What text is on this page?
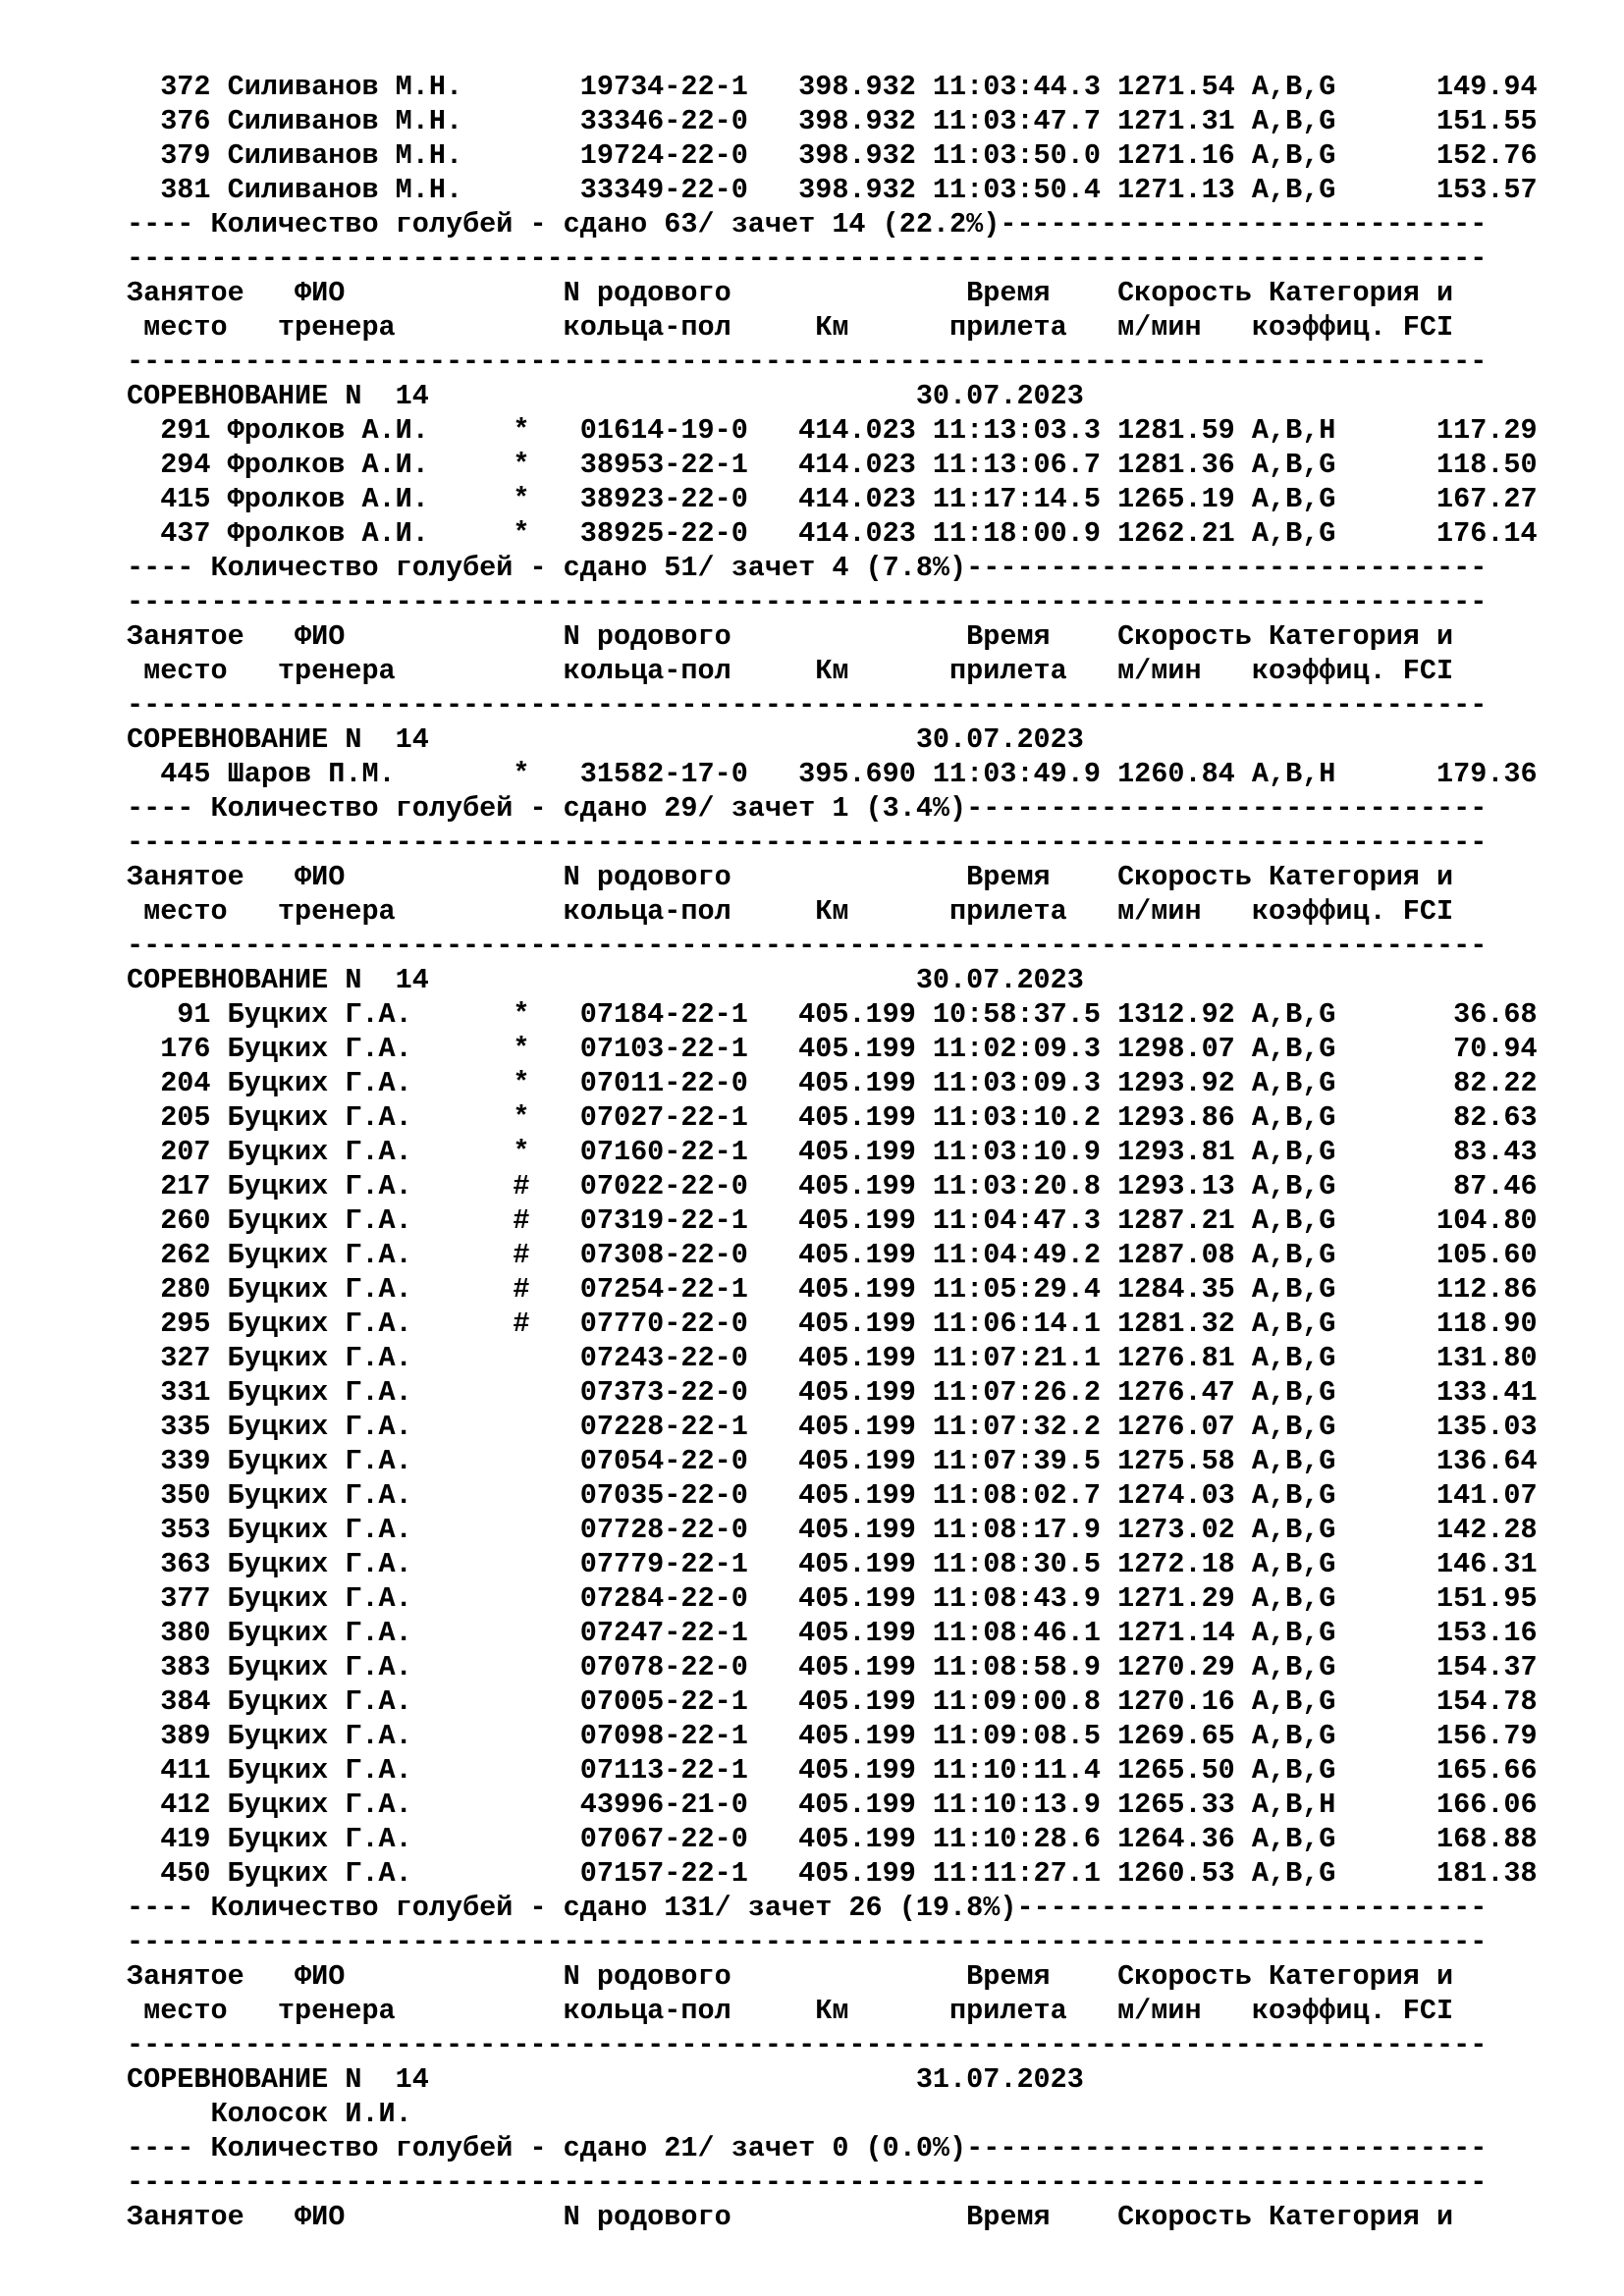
372 Силиванов М.Н.       19734-22-1   398.932 11:03:44.3 1271.54 A,B,G      149.94
376 Силиванов М.Н.       33346-22-0   398.932 11:03:47.7 1271.31 A,B,G      151.55
379 Силиванов М.Н.       19724-22-0   398.932 11:03:50.0 1271.16 A,B,G      152.76
381 Силиванов М.Н.       33349-22-0   398.932 11:03:50.4 1271.13 A,B,G      153.57
---- Количество голубей - сдано 63/ зачет 14 (22.2%)-----------------------------
---------------------------------------------------------------------------------
Занятое   ФИО             N родового              Время    Скорость Категория и
место   тренера          кольца-пол     Км      прилета   м/мин   коэффиц. FCI
---------------------------------------------------------------------------------
СОРЕВНОВАНИЕ N  14                             30.07.2023
291 Фролков А.И.     *   01614-19-0   414.023 11:13:03.3 1281.59 A,B,H      117.29
294 Фролков А.И.     *   38953-22-1   414.023 11:13:06.7 1281.36 A,B,G      118.50
415 Фролков А.И.     *   38923-22-0   414.023 11:17:14.5 1265.19 A,B,G      167.27
437 Фролков А.И.     *   38925-22-0   414.023 11:18:00.9 1262.21 A,B,G      176.14
---- Количество голубей - сдано 51/ зачет 4 (7.8%)-------------------------------
---------------------------------------------------------------------------------
Занятое   ФИО             N родового              Время    Скорость Категория и
место   тренера          кольца-пол     Км      прилета   м/мин   коэффиц. FCI
---------------------------------------------------------------------------------
СОРЕВНОВАНИЕ N  14                             30.07.2023
445 Шаров П.М.       *   31582-17-0   395.690 11:03:49.9 1260.84 A,B,H      179.36
---- Количество голубей - сдано 29/ зачет 1 (3.4%)-------------------------------
---------------------------------------------------------------------------------
Занятое   ФИО             N родового              Время    Скорость Категория и
место   тренера          кольца-пол     Км      прилета   м/мин   коэффиц. FCI
---------------------------------------------------------------------------------
СОРЕВНОВАНИЕ N  14                             30.07.2023
91 Буцких Г.А.      *   07184-22-1   405.199 10:58:37.5 1312.92 A,B,G       36.68
176 Буцких Г.А.      *   07103-22-1   405.199 11:02:09.3 1298.07 A,B,G       70.94
204 Буцких Г.А.      *   07011-22-0   405.199 11:03:09.3 1293.92 A,B,G       82.22
205 Буцких Г.А.      *   07027-22-1   405.199 11:03:10.2 1293.86 A,B,G       82.63
207 Буцких Г.А.      *   07160-22-1   405.199 11:03:10.9 1293.81 A,B,G       83.43
217 Буцких Г.А.      #   07022-22-0   405.199 11:03:20.8 1293.13 A,B,G       87.46
260 Буцких Г.А.      #   07319-22-1   405.199 11:04:47.3 1287.21 A,B,G      104.80
262 Буцких Г.А.      #   07308-22-0   405.199 11:04:49.2 1287.08 A,B,G      105.60
280 Буцких Г.А.      #   07254-22-1   405.199 11:05:29.4 1284.35 A,B,G      112.86
295 Буцких Г.А.      #   07770-22-0   405.199 11:06:14.1 1281.32 A,B,G      118.90
327 Буцких Г.А.          07243-22-0   405.199 11:07:21.1 1276.81 A,B,G      131.80
331 Буцких Г.А.          07373-22-0   405.199 11:07:26.2 1276.47 A,B,G      133.41
335 Буцких Г.А.          07228-22-1   405.199 11:07:32.2 1276.07 A,B,G      135.03
339 Буцких Г.А.          07054-22-0   405.199 11:07:39.5 1275.58 A,B,G      136.64
350 Буцких Г.А.          07035-22-0   405.199 11:08:02.7 1274.03 A,B,G      141.07
353 Буцких Г.А.          07728-22-0   405.199 11:08:17.9 1273.02 A,B,G      142.28
363 Буцких Г.А.          07779-22-1   405.199 11:08:30.5 1272.18 A,B,G      146.31
377 Буцких Г.А.          07284-22-0   405.199 11:08:43.9 1271.29 A,B,G      151.95
380 Буцких Г.А.          07247-22-1   405.199 11:08:46.1 1271.14 A,B,G      153.16
383 Буцких Г.А.          07078-22-0   405.199 11:08:58.9 1270.29 A,B,G      154.37
384 Буцких Г.А.          07005-22-1   405.199 11:09:00.8 1270.16 A,B,G      154.78
389 Буцких Г.А.          07098-22-1   405.199 11:09:08.5 1269.65 A,B,G      156.79
411 Буцких Г.А.          07113-22-1   405.199 11:10:11.4 1265.50 A,B,G      165.66
412 Буцких Г.А.          43996-21-0   405.199 11:10:13.9 1265.33 A,B,H      166.06
419 Буцких Г.А.          07067-22-0   405.199 11:10:28.6 1264.36 A,B,G      168.88
450 Буцких Г.А.          07157-22-1   405.199 11:11:27.1 1260.53 A,B,G      181.38
---- Количество голубей - сдано 131/ зачет 26 (19.8%)----------------------------
---------------------------------------------------------------------------------
Занятое   ФИО             N родового              Время    Скорость Категория и
место   тренера          кольца-пол     Км      прилета   м/мин   коэффиц. FCI
---------------------------------------------------------------------------------
СОРЕВНОВАНИЕ N  14                             31.07.2023
Колосок И.И.
---- Количество голубей - сдано 21/ зачет 0 (0.0%)-------------------------------
---------------------------------------------------------------------------------
Занятое   ФИО             N родового              Время    Скорость Категория и
